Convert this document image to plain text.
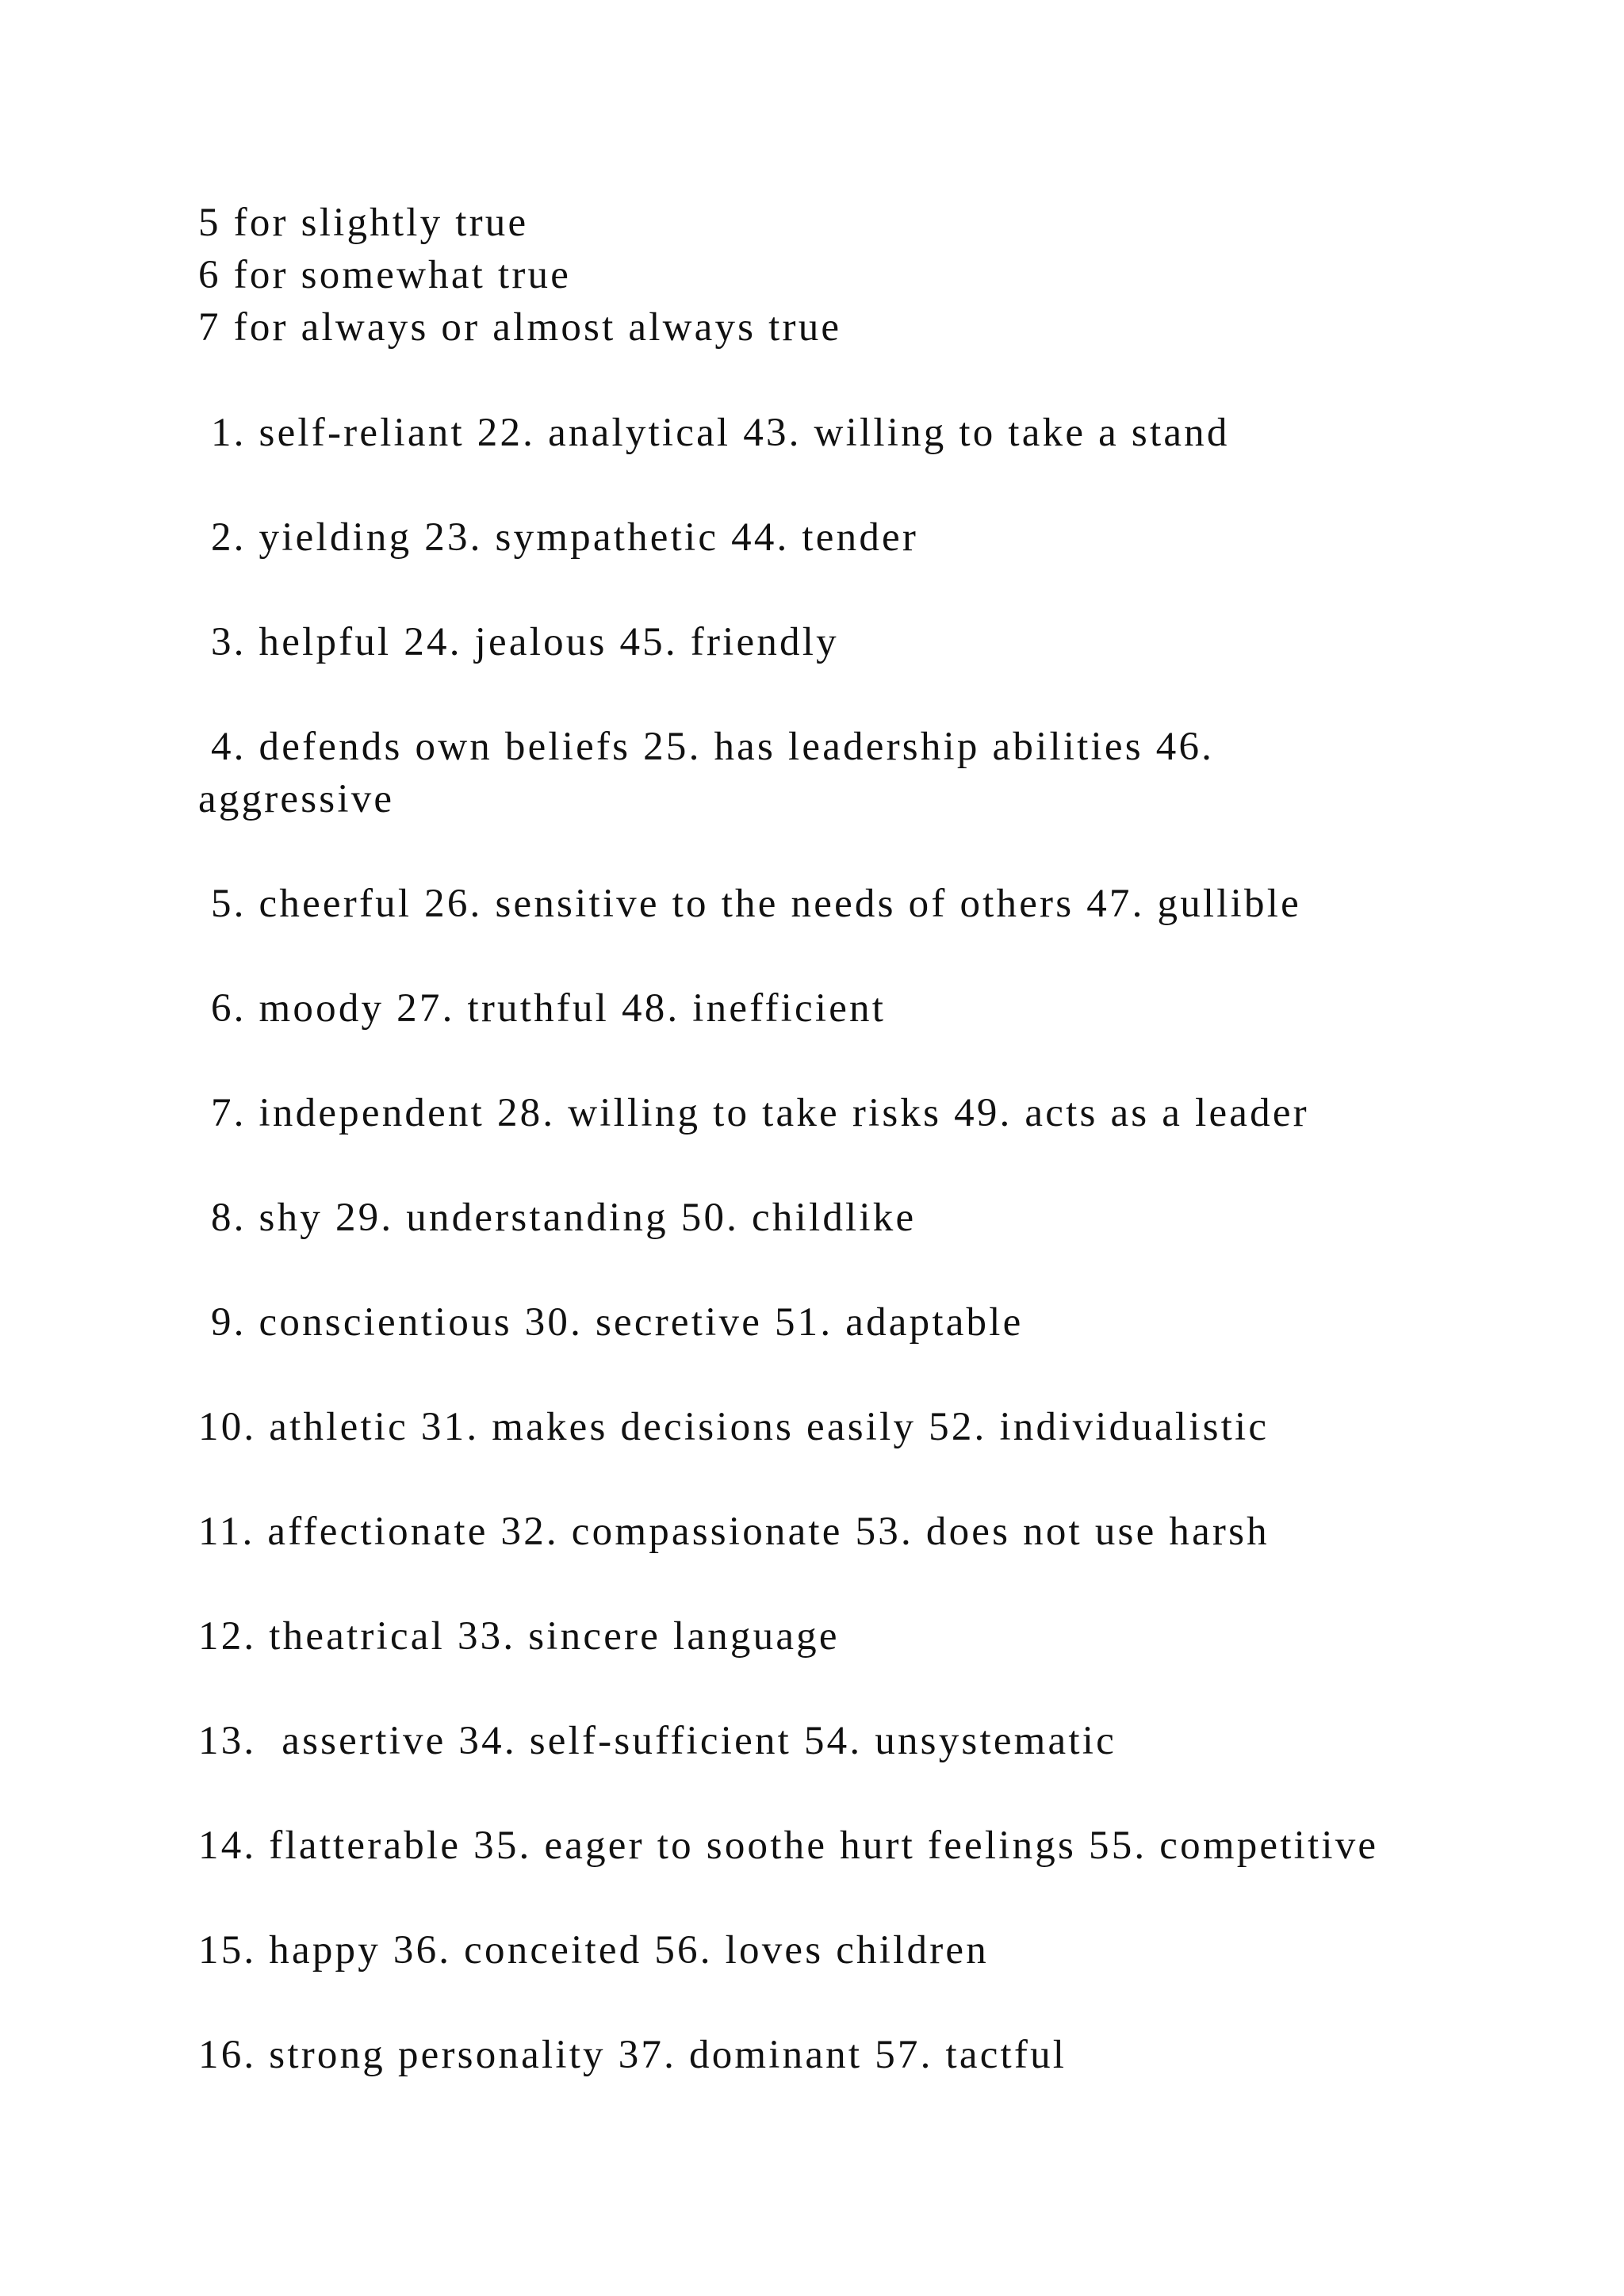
5 for slightly true

6 for somewhat true

7 for always or almost always true

1. self-reliant 22. analytical 43. willing to take a stand

2. yielding 23. sympathetic 44. tender

3. helpful 24. jealous 45. friendly

4. defends own beliefs 25. has leadership abilities 46. aggressive

5. cheerful 26. sensitive to the needs of others 47. gullible

6. moody 27. truthful 48. inefficient

7. independent 28. willing to take risks 49. acts as a leader

8. shy 29. understanding 50. childlike

9. conscientious 30. secretive 51. adaptable

10. athletic 31. makes decisions easily 52. individualistic

11. affectionate 32. compassionate 53. does not use harsh

12. theatrical 33. sincere language

13.  assertive 34. self-sufficient 54. unsystematic

14. flatterable 35. eager to soothe hurt feelings 55. competitive

15. happy 36. conceited 56. loves children

16. strong personality 37. dominant 57. tactful
